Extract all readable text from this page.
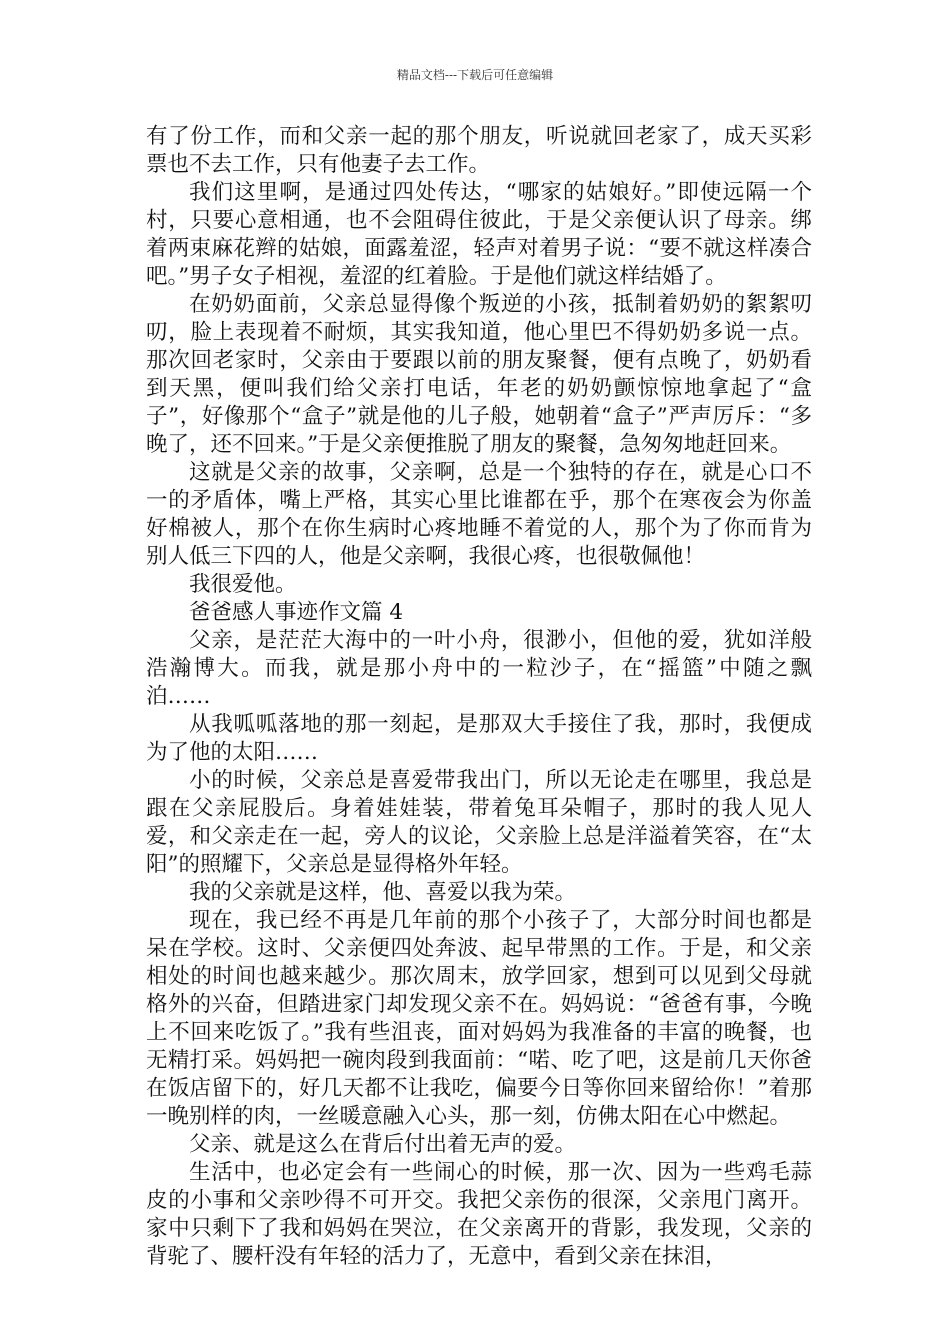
精品文档---下载后可任意编辑

有了份工作，而和父亲一起的那个朋友，听说就回老家了，成天买彩票也不去工作，只有他妻子去工作。

我们这里啊，是通过四处传达，“哪家的姑娘好。”即使远隔一个村，只要心意相通，也不会阻碍住彼此，于是父亲便认识了母亲。绑着两束麻花辫的姑娘，面露羞涩，轻声对着男子说：“要不就这样凑合吧。”男子女子相视，羞涩的红着脸。于是他们就这样结婚了。

在奶奶面前，父亲总显得像个叛逆的小孩，抵制着奶奶的絮絮叨叨，脸上表现着不耐烦，其实我知道，他心里巴不得奶奶多说一点。那次回老家时，父亲由于要跟以前的朋友聚餐，便有点晚了，奶奶看到天黑，便叫我们给父亲打电话，年老的奶奶颤惊惊地拿起了“盒子”，好像那个“盒子”就是他的儿子般，她朝着“盒子”严声厉斥：“多晚了，还不回来。”于是父亲便推脱了朋友的聚餐，急匆匆地赶回来。

这就是父亲的故事，父亲啊，总是一个独特的存在，就是心口不一的矛盾体，嘴上严格，其实心里比谁都在乎，那个在寒夜会为你盖好棉被人，那个在你生病时心疼地睡不着觉的人，那个为了你而肯为别人低三下四的人，他是父亲啊，我很心疼，也很敬佩他！

我很爱他。

爸爸感人事迹作文篇 4

父亲，是茫茫大海中的一叶小舟，很渺小，但他的爱，犹如洋般浩瀚博大。而我，就是那小舟中的一粒沙子，在“摇篮”中随之飘泊……

从我呱呱落地的那一刻起，是那双大手接住了我，那时，我便成为了他的太阳……

小的时候，父亲总是喜爱带我出门，所以无论走在哪里，我总是跟在父亲屁股后。身着娃娃装，带着兔耳朵帽子，那时的我人见人爱，和父亲走在一起，旁人的议论，父亲脸上总是洋溢着笑容，在“太阳”的照耀下，父亲总是显得格外年轻。

我的父亲就是这样，他、喜爱以我为荣。

现在，我已经不再是几年前的那个小孩子了，大部分时间也都是呆在学校。这时、父亲便四处奔波、起早带黑的工作。于是，和父亲相处的时间也越来越少。那次周末，放学回家，想到可以见到父母就格外的兴奋，但踏进家门却发现父亲不在。妈妈说：“爸爸有事，今晚上不回来吃饭了。”我有些沮丧，面对妈妈为我准备的丰富的晚餐，也无精打采。妈妈把一碗肉段到我面前：“喏、吃了吧，这是前几天你爸在饭店留下的，好几天都不让我吃，偏要今日等你回来留给你！”着那一晚别样的肉，一丝暖意融入心头，那一刻，仿佛太阳在心中燃起。

父亲、就是这么在背后付出着无声的爱。

生活中，也必定会有一些闹心的时候，那一次、因为一些鸡毛蒜皮的小事和父亲吵得不可开交。我把父亲伤的很深，父亲甩门离开。家中只剩下了我和妈妈在哭泣，在父亲离开的背影，我发现，父亲的背驼了、腰杆没有年轻的活力了，无意中，看到父亲在抹泪，
